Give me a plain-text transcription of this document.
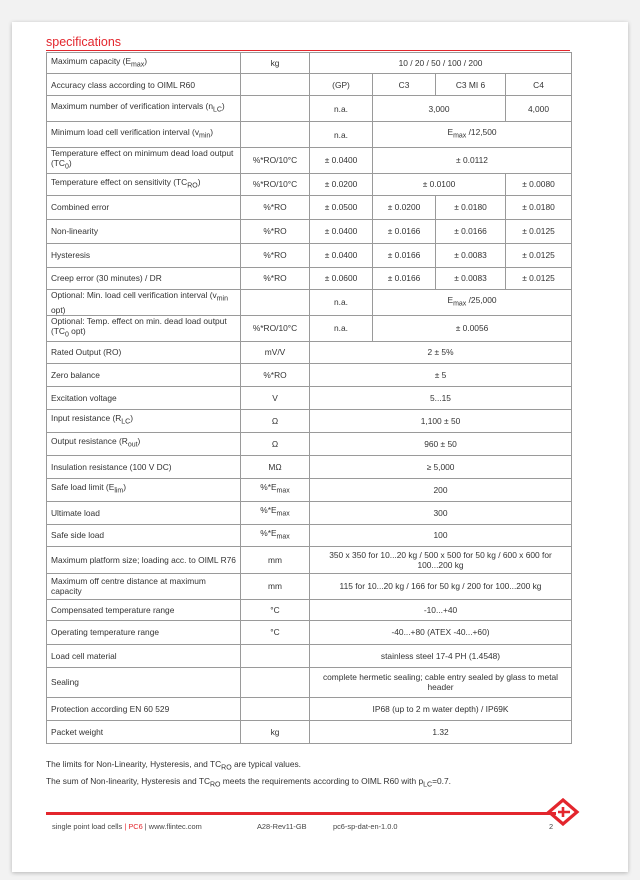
specifications
Maximum capacity $(E_{max})$	kg	10 / 20 / 50 / 100 / 200			
Accuracy class according to OIML R60		(GP)	C3	C3 MI 6	C4
Maximum number of verification intervals $(n_{LC})$		n.a.	3,000		4,000
Minimum load cell verification interval $(v_{min})$		n.a.	$E_{max}$ /12,500		
Temperature effect on minimum dead load output $(TC_0)$	%*RO/10°C	± 0.0400	± 0.0112		
Temperature effect on sensitivity $(TC_{RO})$	%*RO/10°C	± 0.0200	± 0.0100		± 0.0080
Combined error	%*RO	± 0.0500	± 0.0200	± 0.0180	± 0.0180
Non-linearity	%*RO	± 0.0400	± 0.0166	± 0.0166	± 0.0125
Hysteresis	%*RO	± 0.0400	± 0.0166	± 0.0083	± 0.0125
Creep error (30 minutes) / DR	%*RO	± 0.0600	± 0.0166	± 0.0083	± 0.0125
Optional: Min. load cell verification interval ($v_{min}$ opt)		n.a.	$E_{max}$ /25,000		
Optional: Temp. effect on min. dead load output ($TC_0$ opt)	%*RO/10°C	n.a.	± 0.0056		
Rated Output (RO)	mV/V	2 ± 5%			
Zero balance	%*RO	± 5			
Excitation voltage	V	5...15			
Input resistance $(R_{LC})$	Ω	1,100 ± 50			
Output resistance $(R_{out})$	Ω	960 ± 50			
Insulation resistance (100 V DC)	MΩ	≥ 5,000			
Safe load limit $(E_{lim})$	$\%*E_{max}$	200			
Ultimate load	$\%*E_{max}$	300			
Safe side load	$\%*E_{max}$	100			
Maximum platform size; loading acc. to OIML R76	mm	350 x 350 for 10...20 kg / 500 x 500 for 50 kg / 600 x 600 for 100...200 kg			
Maximum off centre distance at maximum capacity	mm	115 for 10...20 kg / 166 for 50 kg / 200 for 100...200 kg			
Compensated temperature range	°C	-10...+40			
Operating temperature range	°C	-40...+80 (ATEX -40...+60)			
Load cell material		stainless steel 17-4 PH (1.4548)			
Sealing		complete hermetic sealing; cable entry sealed by glass to metal header			
Protection according EN 60 529		IP68 (up to 2 m water depth) / IP69K			
Packet weight	kg	1.32			
The limits for Non-Linearity, Hysteresis, and $TC_{RO}$ are typical values.
The sum of Non-linearity, Hysteresis and $TC_{RO}$ meets the requirements according to OIML R60 with $p_{LC}=0.7$.
single point load cells | PC6 | www.flintec.com	A28-Rev11-GB	pc6-sp-dat-en-1.0.0	2
